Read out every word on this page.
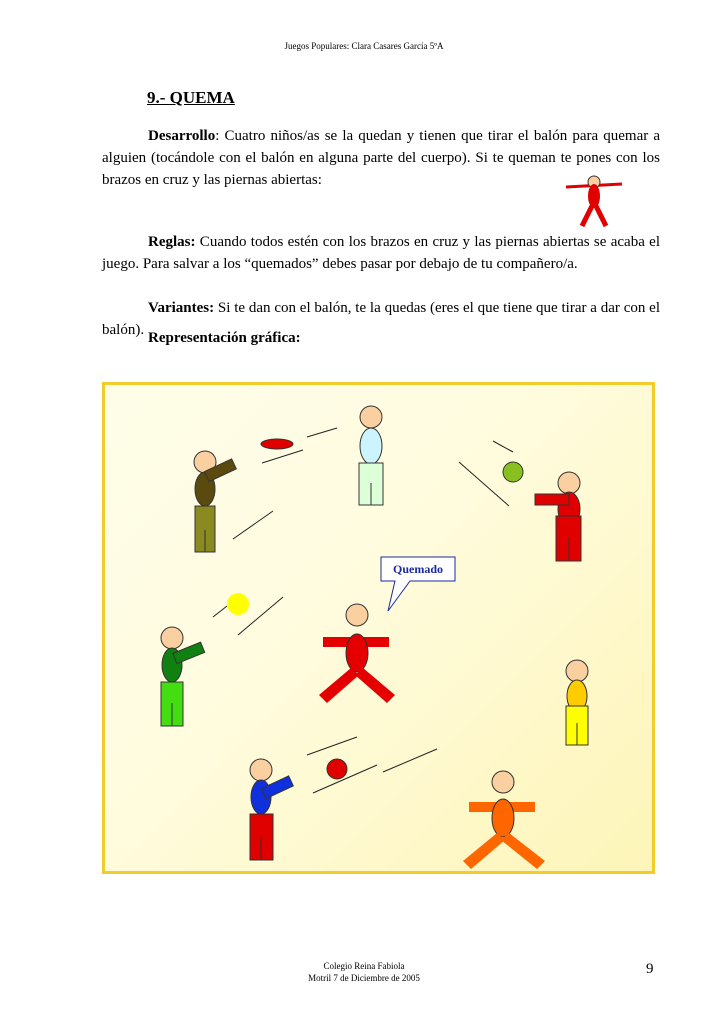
Juegos Populares: Clara Casares García 5ºA
9.- QUEMA
Desarrollo: Cuatro niños/as se la quedan y tienen que tirar el balón para quemar a alguien (tocándole con el balón en alguna parte del cuerpo). Si te queman te pones con los brazos en cruz y las piernas abiertas:
Reglas: Cuando todos estén con los brazos en cruz y las piernas abiertas se acaba el juego. Para salvar a los “quemados” debes pasar por debajo de tu compañero/a.
Variantes: Si te dan con el balón, te la quedas (eres el que tiene que tirar a dar con el balón). Representación gráfica:
Quemado
Colegio Reina Fabiola
Motril 7 de Diciembre de 2005
9
